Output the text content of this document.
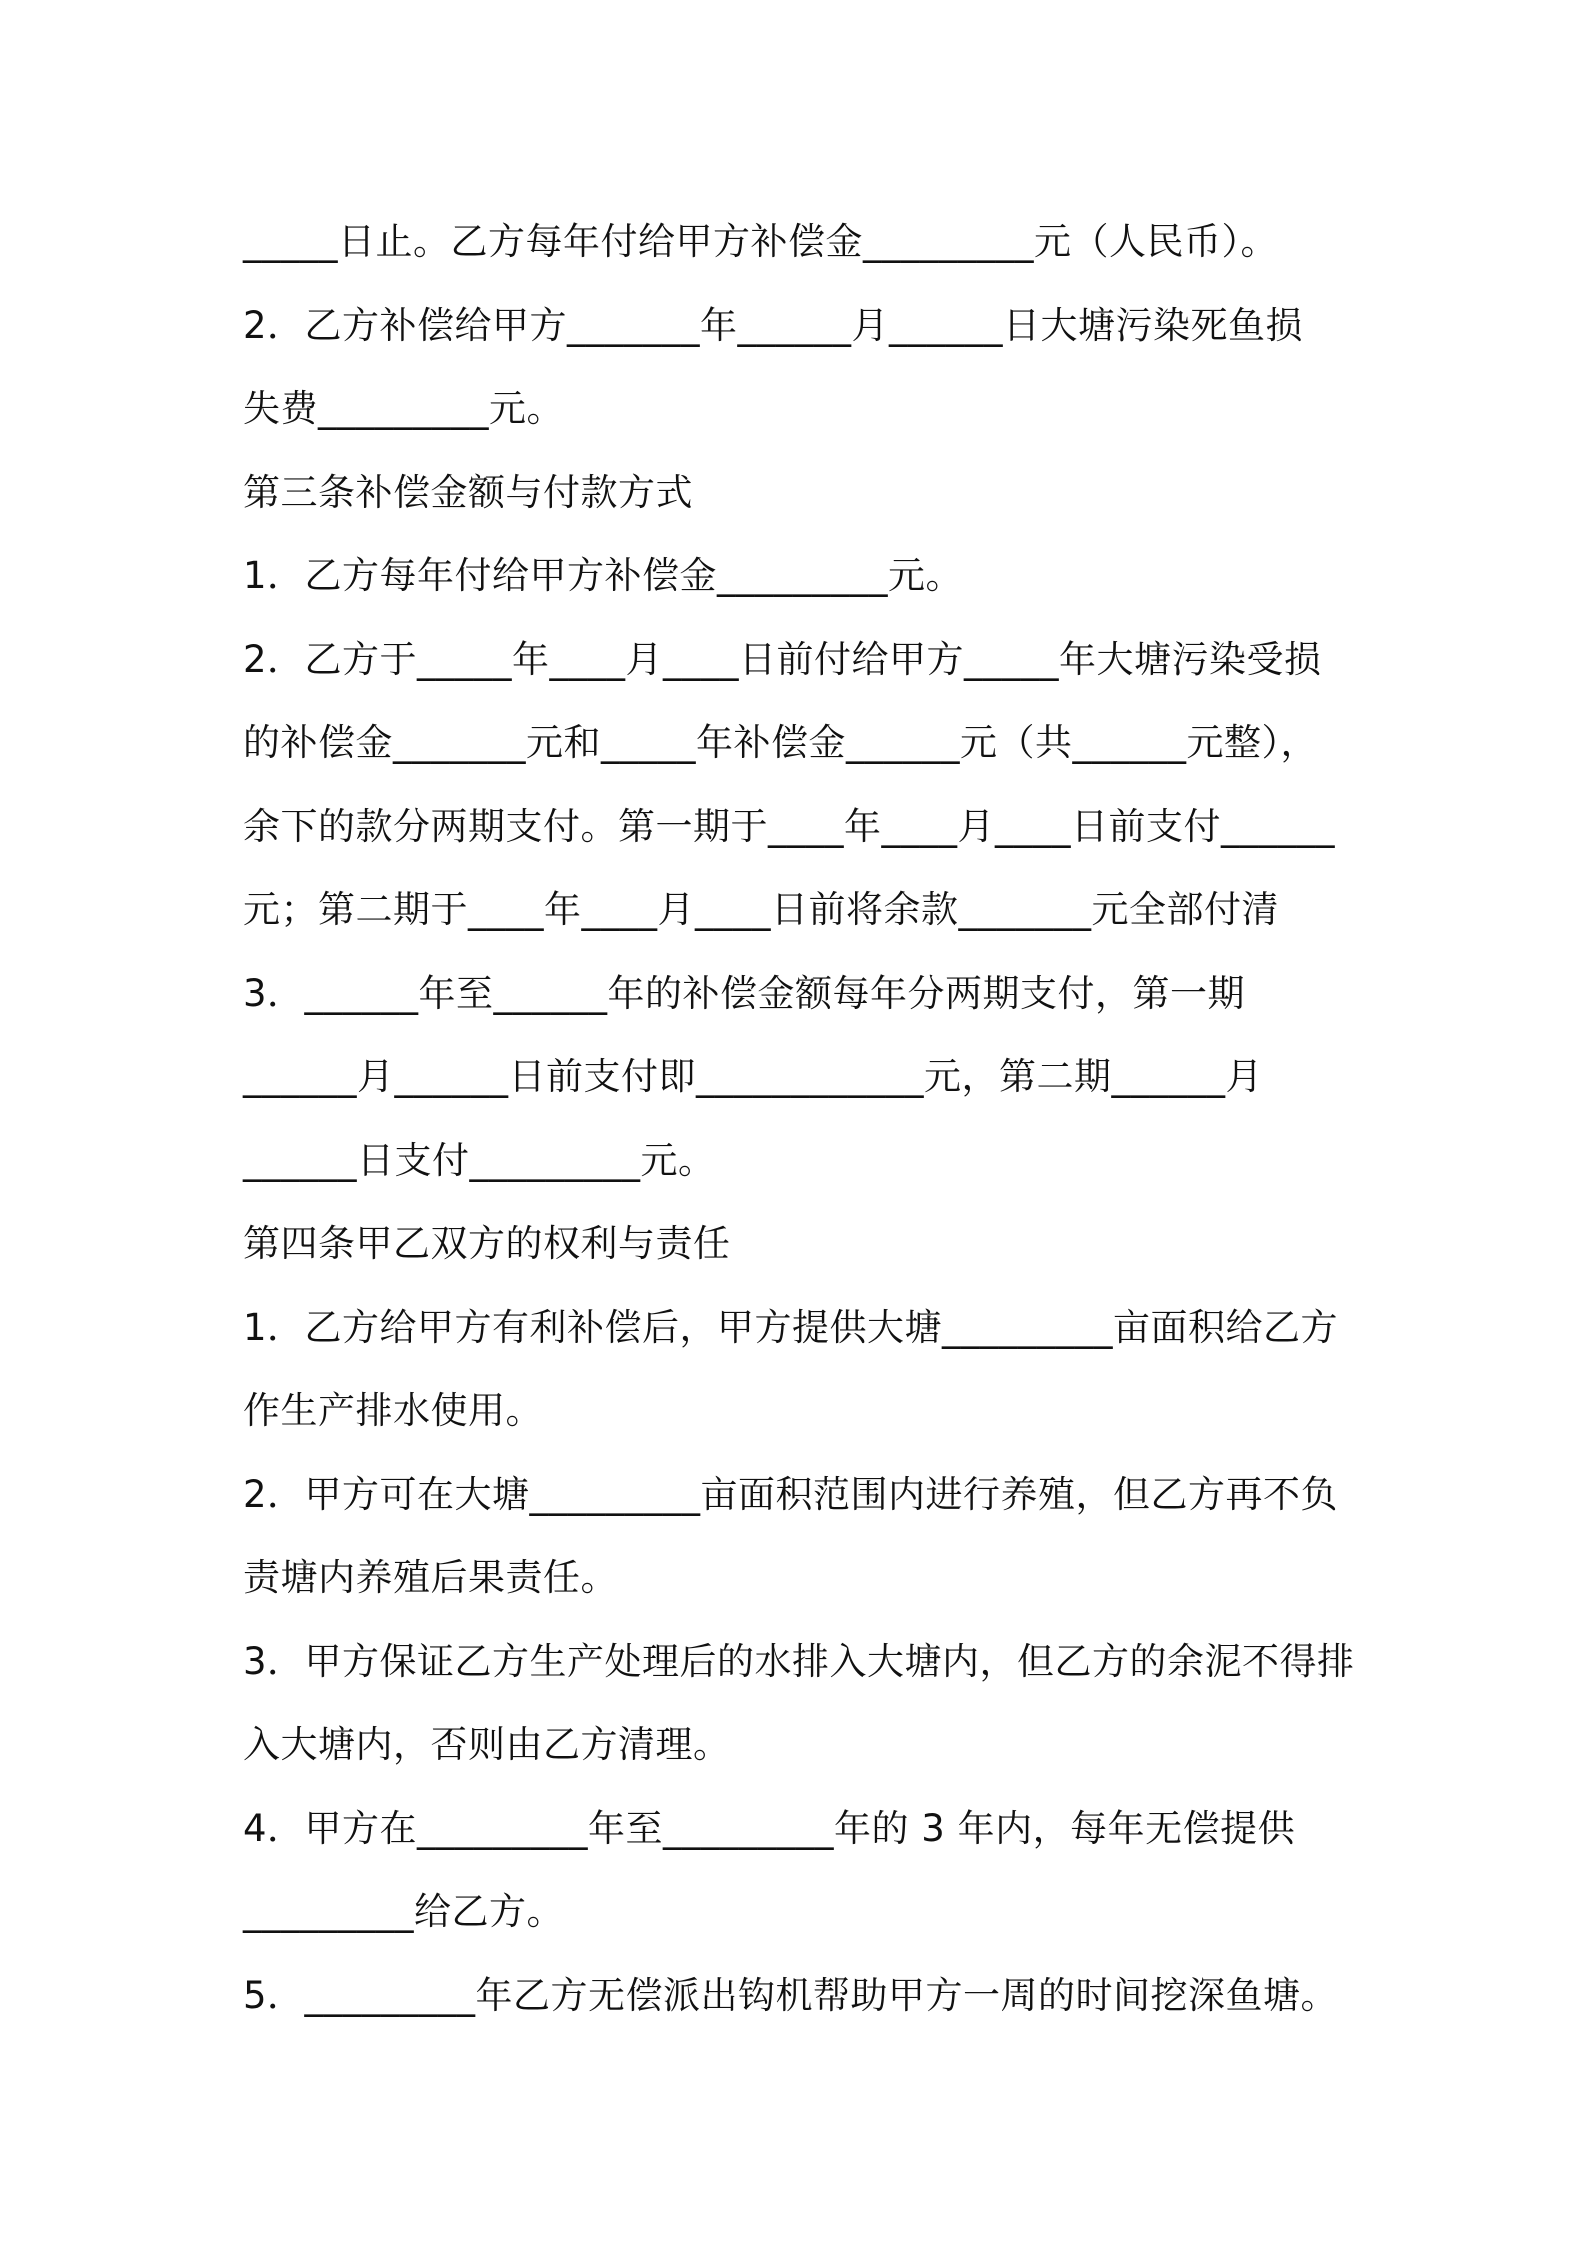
_____日止。乙方每年付给甲方补偿金_________元（人民币）。
2．乙方补偿给甲方_______年______月______日大塘污染死鱼损
失费_________元。
第三条补偿金额与付款方式
1．乙方每年付给甲方补偿金_________元。
2．乙方于_____年____月____日前付给甲方_____年大塘污染受损
的补偿金_______元和_____年补偿金______元（共______元整），
余下的款分两期支付。第一期于____年____月____日前支付______
元；第二期于____年____月____日前将余款_______元全部付清
3．______年至______年的补偿金额每年分两期支付，第一期
______月______日前支付即____________元，第二期______月
______日支付_________元。
第四条甲乙双方的权利与责任
1．乙方给甲方有利补偿后，甲方提供大塘_________亩面积给乙方
作生产排水使用。
2．甲方可在大塘_________亩面积范围内进行养殖，但乙方再不负
责塘内养殖后果责任。
3．甲方保证乙方生产处理后的水排入大塘内，但乙方的余泥不得排
入大塘内，否则由乙方清理。
4．甲方在_________年至_________年的 3 年内，每年无偿提供
_________给乙方。
5．_________年乙方无偿派出钩机帮助甲方一周的时间挖深鱼塘。
